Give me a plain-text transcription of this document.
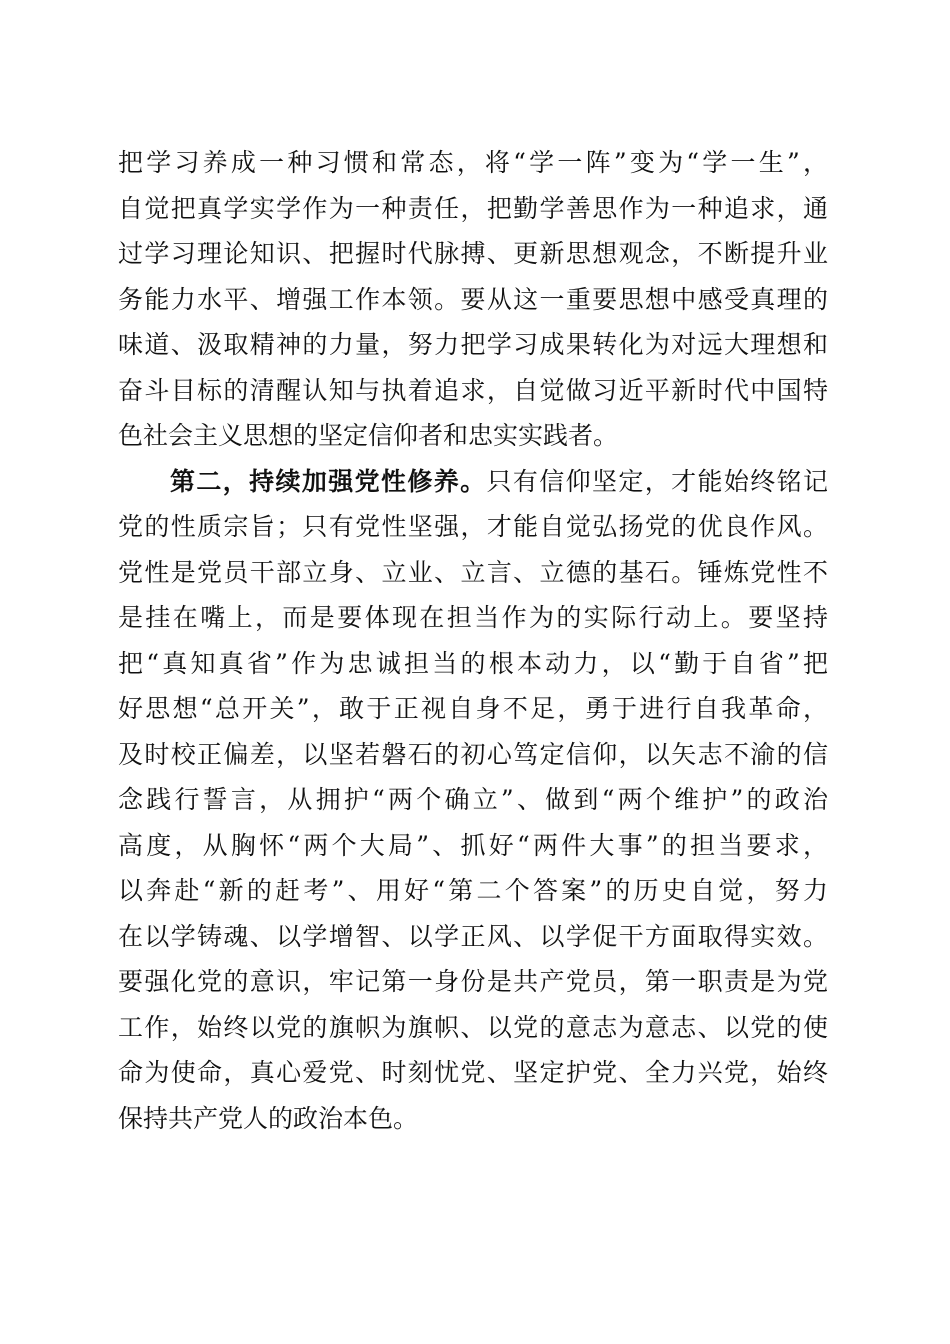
把学习养成一种习惯和常态，将“学一阵”变为“学一生”，
自觉把真学实学作为一种责任，把勤学善思作为一种追求，通
过学习理论知识、把握时代脉搏、更新思想观念，不断提升业
务能力水平、增强工作本领。要从这一重要思想中感受真理的
味道、汲取精神的力量，努力把学习成果转化为对远大理想和
奋斗目标的清醒认知与执着追求，自觉做习近平新时代中国特
色社会主义思想的坚定信仰者和忠实实践者。
第二，持续加强党性修养。只有信仰坚定，才能始终铭记
党的性质宗旨；只有党性坚强，才能自觉弘扬党的优良作风。
党性是党员干部立身、立业、立言、立德的基石。锤炼党性不
是挂在嘴上，而是要体现在担当作为的实际行动上。要坚持
把“真知真省”作为忠诚担当的根本动力，以“勤于自省”把
好思想“总开关”，敢于正视自身不足，勇于进行自我革命，
及时校正偏差，以坚若磐石的初心笃定信仰，以矢志不渝的信
念践行誓言，从拥护“两个确立”、做到“两个维护”的政治
高度，从胸怀“两个大局”、抓好“两件大事”的担当要求，
以奔赴“新的赶考”、用好“第二个答案”的历史自觉，努力
在以学铸魂、以学增智、以学正风、以学促干方面取得实效。
要强化党的意识，牢记第一身份是共产党员，第一职责是为党
工作，始终以党的旗帜为旗帜、以党的意志为意志、以党的使
命为使命，真心爱党、时刻忧党、坚定护党、全力兴党，始终
保持共产党人的政治本色。
